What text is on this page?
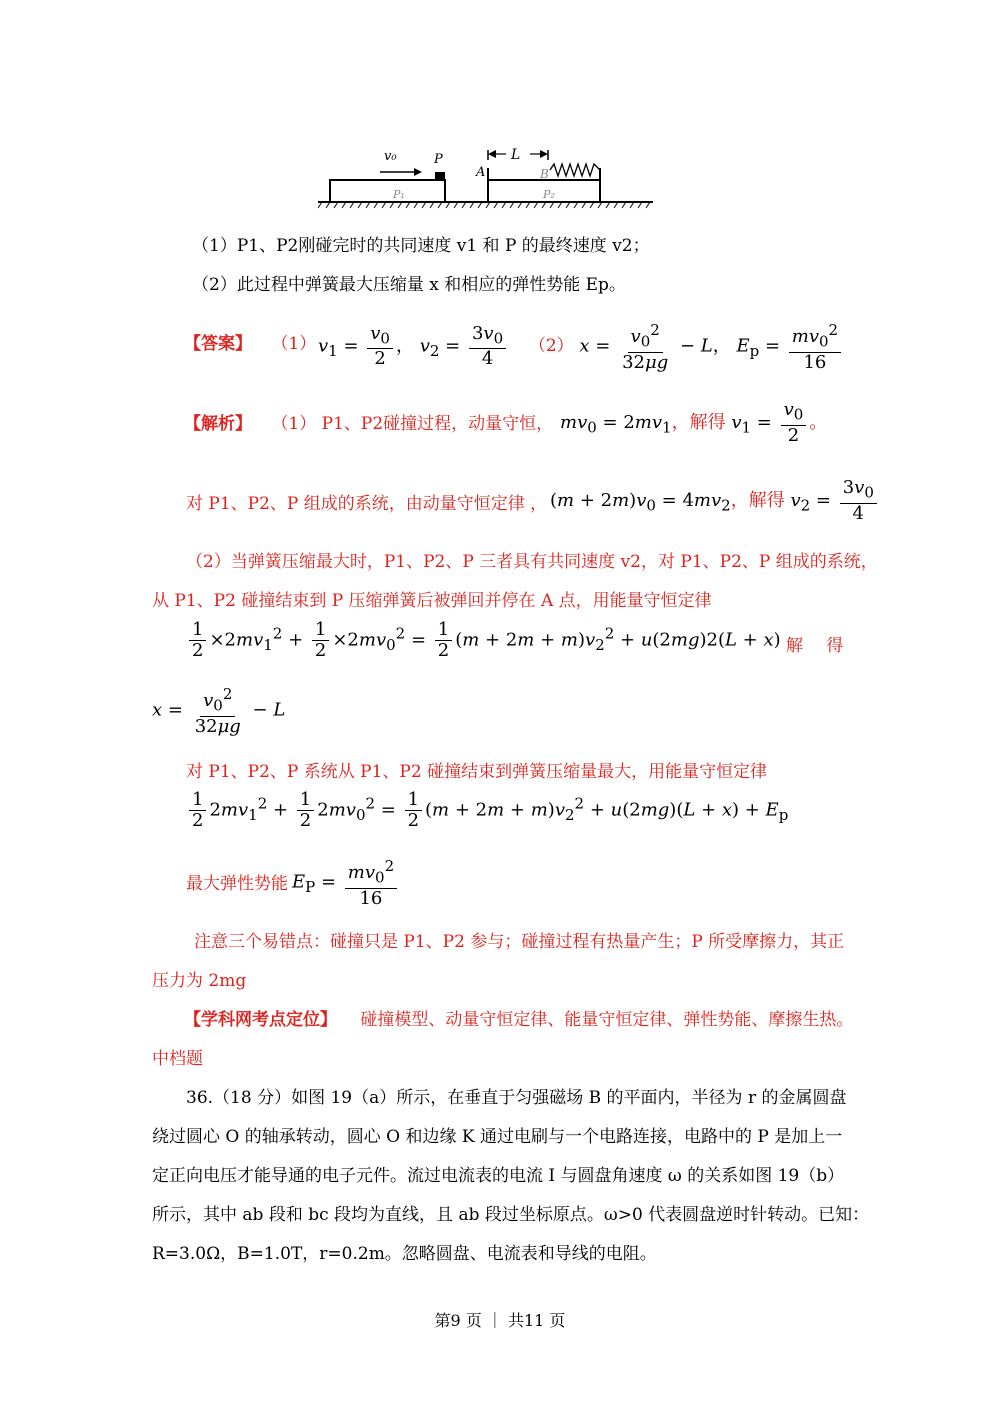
P₁
P
v₀
A	B
P₂
L
（1）P1、P2刚碰完时的共同速度 v1 和 P 的最终速度 v2；
（2）此过程中弹簧最大压缩量 x 和相应的弹性势能 Ep。
【答案】 （1） $v_1 = \frac{v_0}{2}$ ， $v_2 = \frac{3v_0}{4} (2) x = \frac{v_0^2}{32\mu g} - L$， $E_p = \frac{mv_0^2}{16}$
【解析】 （1） P1、P2碰撞过程，动量守恒， $mv_0 = 2mv_1$，解得 $v_1 = \frac{v_0}{2}$ 。
对 P1、P2、P 组成的系统，由动量守恒定律 ， $(m + 2m)v_0 = 4mv_2$，解得 $v_2 = \frac{3v_0}{4}$
（2）当弹簧压缩最大时，P1、P2、P 三者具有共同速度 v2，对 P1、P2、P 组成的系统，
从 P1、P2 碰撞结束到 P 压缩弹簧后被弹回并停在 A 点，用能量守恒定律
$\frac{1}{2} \times 2mv_1^2 + \frac{1}{2} \times 2mv_0^2 = \frac{1}{2} (m + 2m + m)v_2^2 + u(2mg)2(L + x)$ 解 得
$x = \frac{v_0^2}{32\mu g} - L$
对 P1、P2、P 系统从 P1、P2 碰撞结束到弹簧压缩量最大，用能量守恒定律
$\frac{1}{2} 2mv_1^2 + \frac{1}{2} 2mv_0^2 = \frac{1}{2} (m + 2m + m)v_2^2 + u(2mg)(L + x) + E_p$
最大弹性势能 $E_P = \frac{mv_0^2}{16}$
注意三个易错点：碰撞只是 P1、P2 参与；碰撞过程有热量产生；P 所受摩擦力，其正
压力为 2mg
【学科网考点定位】 碰撞模型、动量守恒定律、能量守恒定律、弹性势能、摩擦生热。
中档题
36.（18 分）如图 19（a）所示，在垂直于匀强磁场 B 的平面内，半径为 r 的金属圆盘
绕过圆心 O 的轴承转动，圆心 O 和边缘 K 通过电刷与一个电路连接，电路中的 P 是加上一
定正向电压才能导通的电子元件。流过电流表的电流 I 与圆盘角速度 ω 的关系如图 19（b）
所示，其中 ab 段和 bc 段均为直线，且 ab 段过坐标原点。ω>0 代表圆盘逆时针转动。已知：
R=3.0Ω，B=1.0T，r=0.2m。忽略圆盘、电流表和导线的电阻。
第9 页 ｜ 共11 页
